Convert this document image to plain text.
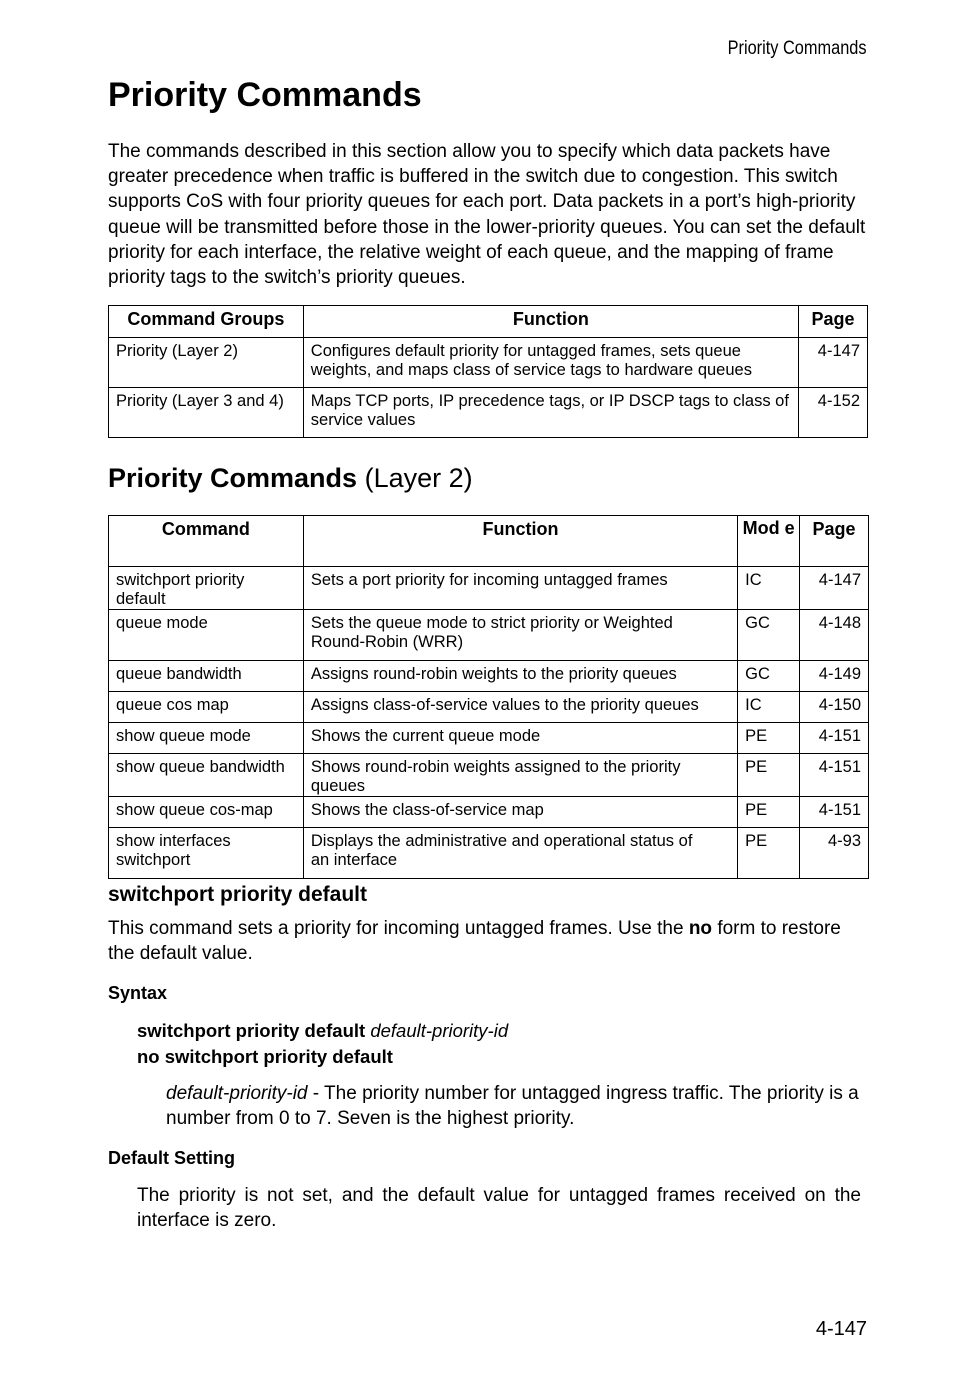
Priority Commands
Priority Commands

The commands described in this section allow you to specify which data packets have greater precedence when traffic is buffered in the switch due to congestion. This switch supports CoS with four priority queues for each port. Data packets in a port’s high-priority queue will be transmitted before those in the lower-priority queues. You can set the default priority for each interface, the relative weight of each queue, and the mapping of frame priority tags to the switch’s priority queues.

Command Groups	Function	Page
Priority (Layer 2)	Configures default priority for untagged frames, sets queue weights, and maps class of service tags to hardware queues	4-147
Priority (Layer 3 and 4)	Maps TCP ports, IP precedence tags, or IP DSCP tags to class of service values	4-152
Priority Commands (Layer 2)
Command	Function	Mod e	Page
switchport priority default	Sets a port priority for incoming untagged frames	IC	4-147
queue mode	Sets the queue mode to strict priority or Weighted Round-Robin (WRR)	GC	4-148
queue bandwidth	Assigns round-robin weights to the priority queues	GC	4-149
queue cos map	Assigns class-of-service values to the priority queues	IC	4-150
show queue mode	Shows the current queue mode	PE	4-151
show queue bandwidth	Shows round-robin weights assigned to the priority queues	PE	4-151
show queue cos-map	Shows the class-of-service map	PE	4-151
show interfaces switchport	Displays the administrative and operational status of an interface	PE	4-93
switchport priority default

This command sets a priority for incoming untagged frames. Use the no form to restore the default value.

Syntax

switchport priority default default-priority-id

no switchport priority default

default-priority-id - The priority number for untagged ingress traffic. The priority is a number from 0 to 7. Seven is the highest priority.

Default Setting

The priority is not set, and the default value for untagged frames received on the interface is zero.

4-147
